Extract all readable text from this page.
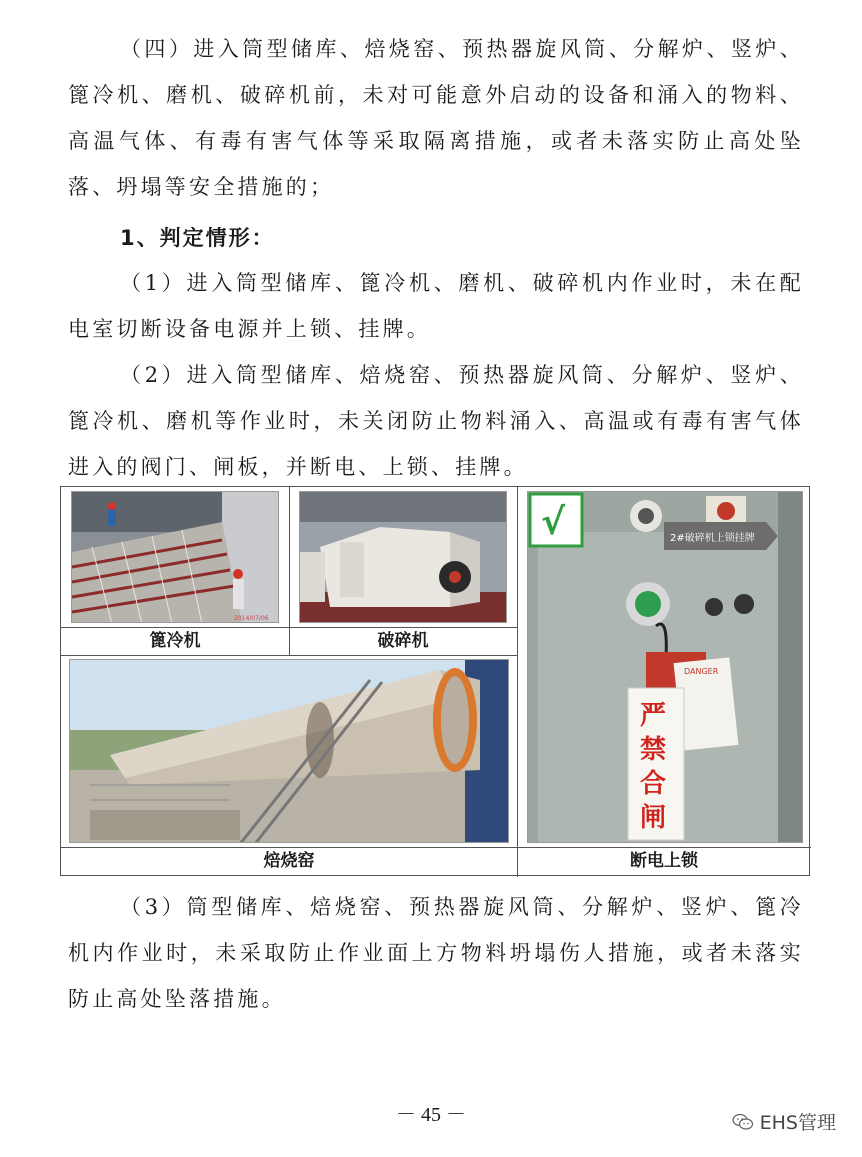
（四）进入筒型储库、焙烧窑、预热器旋风筒、分解炉、竖炉、篦冷机、磨机、破碎机前，未对可能意外启动的设备和涌入的物料、高温气体、有毒有害气体等采取隔离措施，或者未落实防止高处坠落、坍塌等安全措施的；

1、判定情形：

（1）进入筒型储库、篦冷机、磨机、破碎机内作业时，未在配电室切断设备电源并上锁、挂牌。

（2）进入筒型储库、焙烧窑、预热器旋风筒、分解炉、竖炉、篦冷机、磨机等作业时，未关闭防止物料涌入、高温或有毒有害气体进入的阀门、闸板，并断电、上锁、挂牌。

2014/07/06
篦冷机	破碎机
焙烧窑
2#破碎机上锁挂牌
DANGER
严
禁
合
闸
√
断电上锁

（3）筒型储库、焙烧窑、预热器旋风筒、分解炉、竖炉、篦冷机内作业时，未采取防止作业面上方物料坍塌伤人措施，或者未落实防止高处坠落措施。

－ 45 －	EHS管理
